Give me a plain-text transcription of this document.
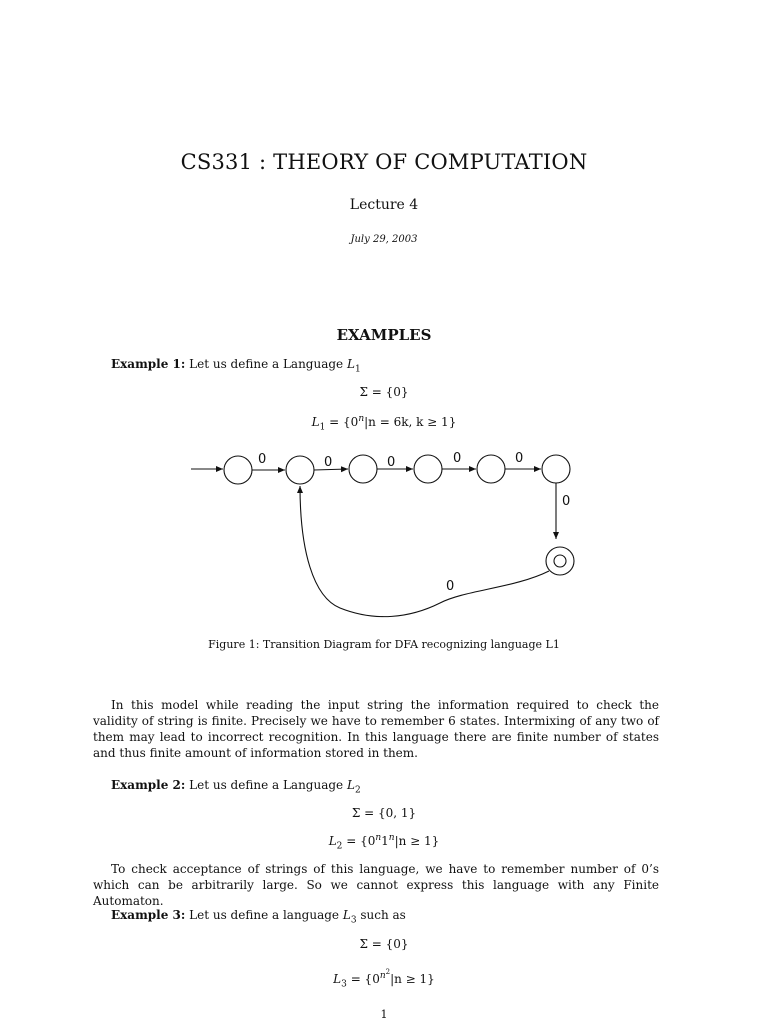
CS331 : THEORY OF COMPUTATION
Lecture 4
July 29, 2003
EXAMPLES
Example 1: Let us define a Language $L_1$
Σ = {0}
$L_1 = \{0^n|n = 6k$, k ≥ 1}
0	0	0	0	0
0
0
Figure 1: Transition Diagram for DFA recognizing language L1
In this model while reading the input string the information required to check the validity of string is finite. Precisely we have to remember 6 states. Intermixing of any two of them may lead to incorrect recognition. In this language there are finite number of states and thus finite amount of information stored in them.
Example 2: Let us define a Language $L_2$
Σ = {0, 1}
$L_2 = \{0^n1^n|n \ge 1\}$
To check acceptance of strings of this language, we have to remember number of 0’s which can be arbitrarily large. So we cannot express this language with any Finite Automaton.
Example 3: Let us define a language $L_3$ such as
Σ = {0}
$L_3 = \{0^{n^2}|n \ge 1\}$
1
